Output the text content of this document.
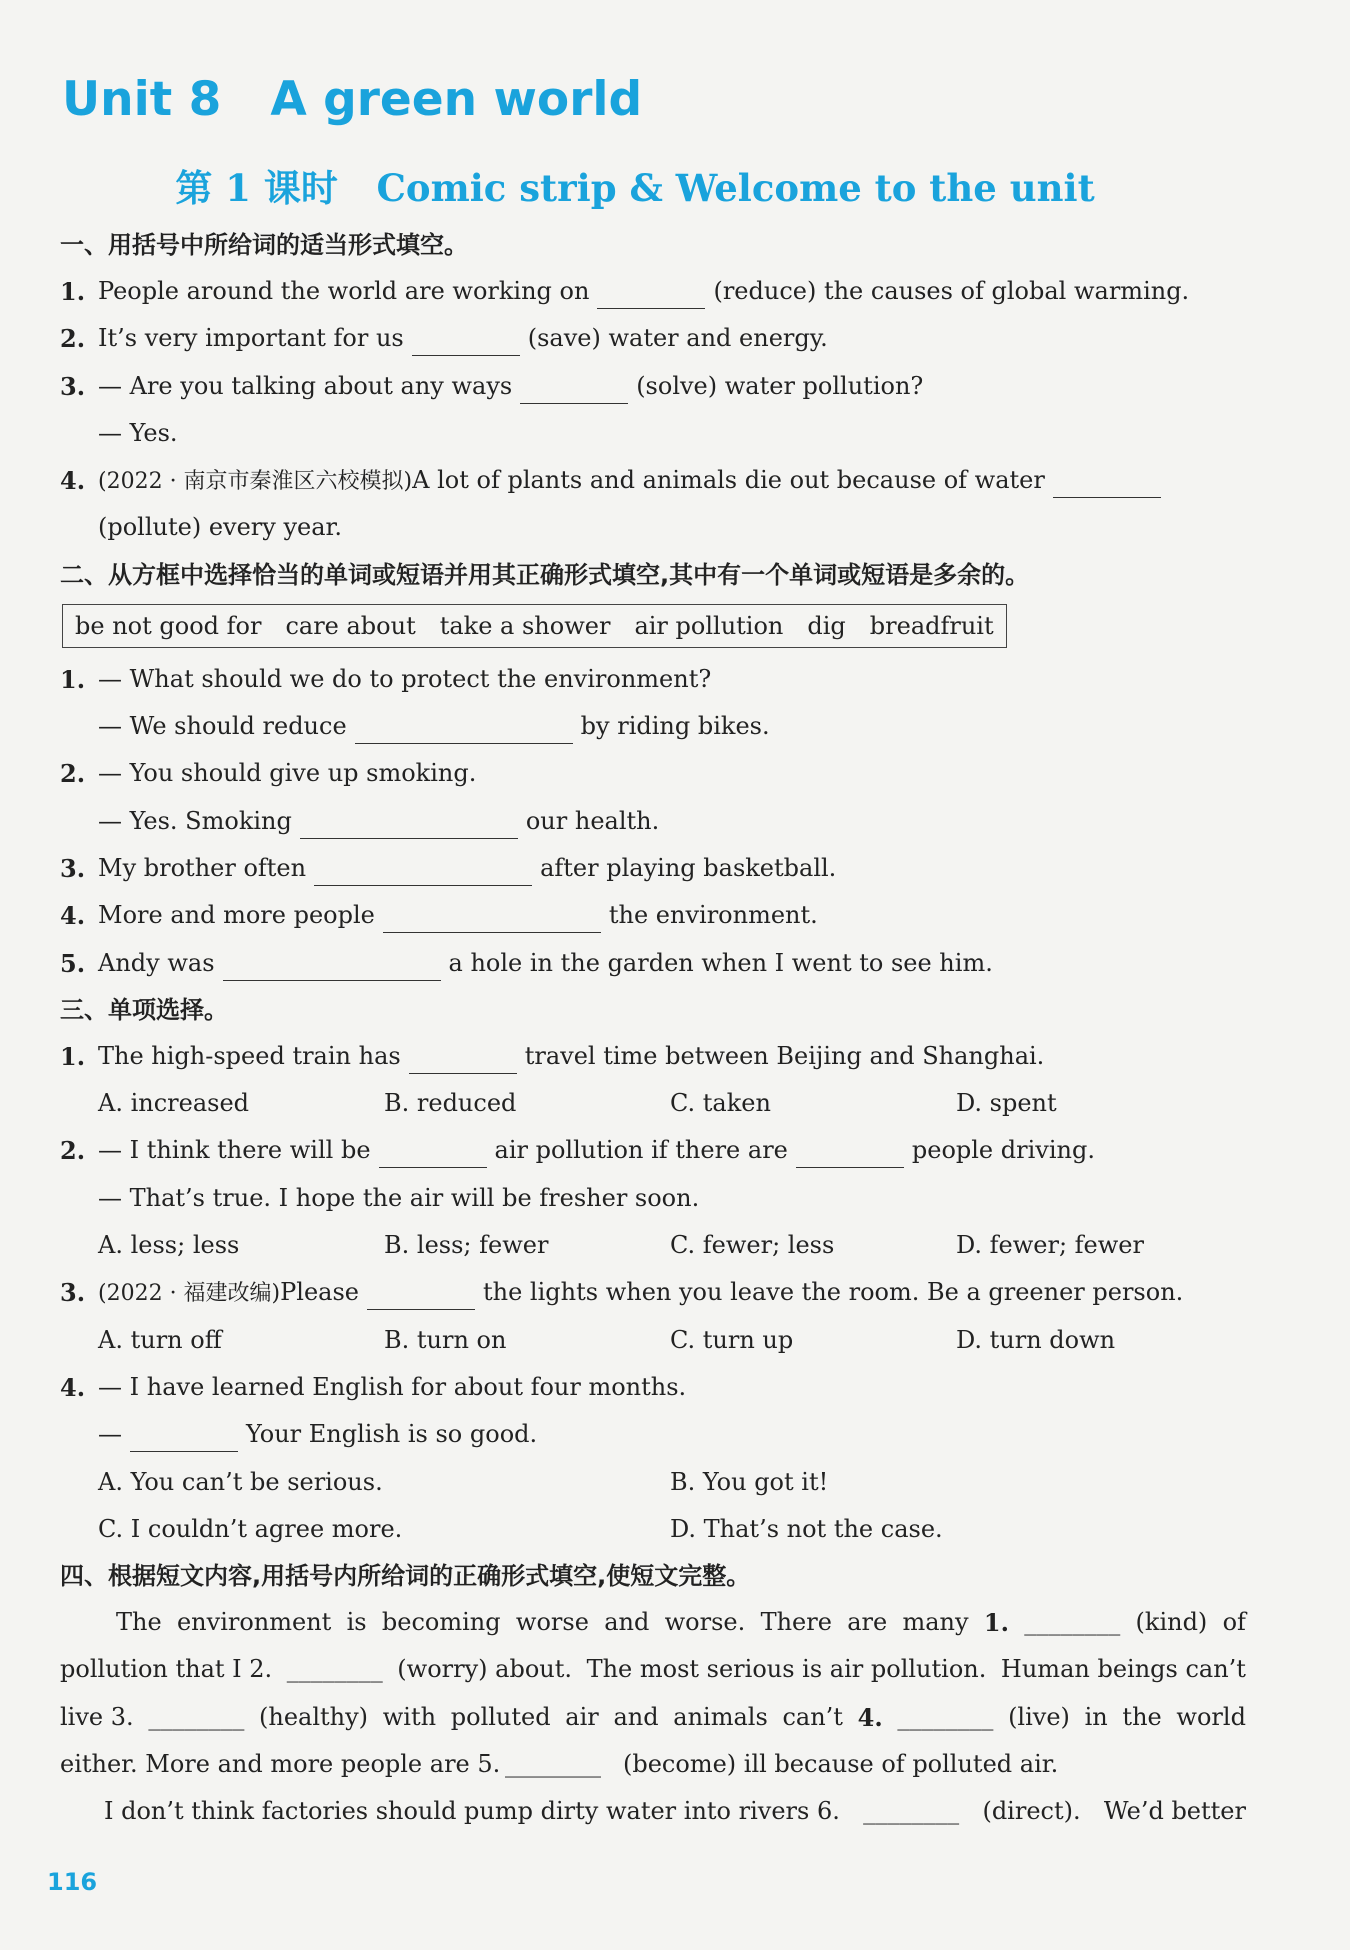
Unit 8   A green world
第 1 课时   Comic strip & Welcome to the unit
一、用括号中所给词的适当形式填空。
1. People around the world are working on	(reduce) the causes of global warming.
2. It’s very important for us	(save) water and energy.
3. — Are you talking about any ways	(solve) water pollution?
— Yes.
4. (2022 · 南京市秦淮区六校模拟)A lot of plants and animals die out because of water
(pollute) every year.
二、从方框中选择恰当的单词或短语并用其正确形式填空,其中有一个单词或短语是多余的。
be not good for care about take a shower air pollution dig breadfruit
1. — What should we do to protect the environment?
— We should reduce	by riding bikes.
2. — You should give up smoking.
— Yes. Smoking	our health.
3. My brother often	after playing basketball.
4. More and more people	the environment.
5. Andy was	a hole in the garden when I went to see him.
三、单项选择。
1. The high-speed train has	travel time between Beijing and Shanghai.
A. increased	B. reduced	C. taken	D. spent
2. — I think there will be	air pollution if there are	people driving.
— That’s true. I hope the air will be fresher soon.
A. less; less	B. less; fewer	C. fewer; less	D. fewer; fewer
3. (2022 · 福建改编)Please	the lights when you leave the room. Be a greener person.
A. turn off	B. turn on	C. turn up	D. turn down
4. — I have learned English for about four months.
—	Your English is so good.
A. You can’t be serious.	B. You got it!
C. I couldn’t agree more.	D. That’s not the case.
四、根据短文内容,用括号内所给词的正确形式填空,使短文完整。
The environment is becoming worse and worse. There are many 1. ________ (kind) of
pollution that I 2. ________ (worry) about. The most serious is air pollution. Human beings can’t
live 3. ________ (healthy) with polluted air and animals can’t 4. ________ (live) in the world
either. More and more people are 5. ________ (become) ill because of polluted air.
I don’t think factories should pump dirty water into rivers 6. ________ (direct). We’d better
116
